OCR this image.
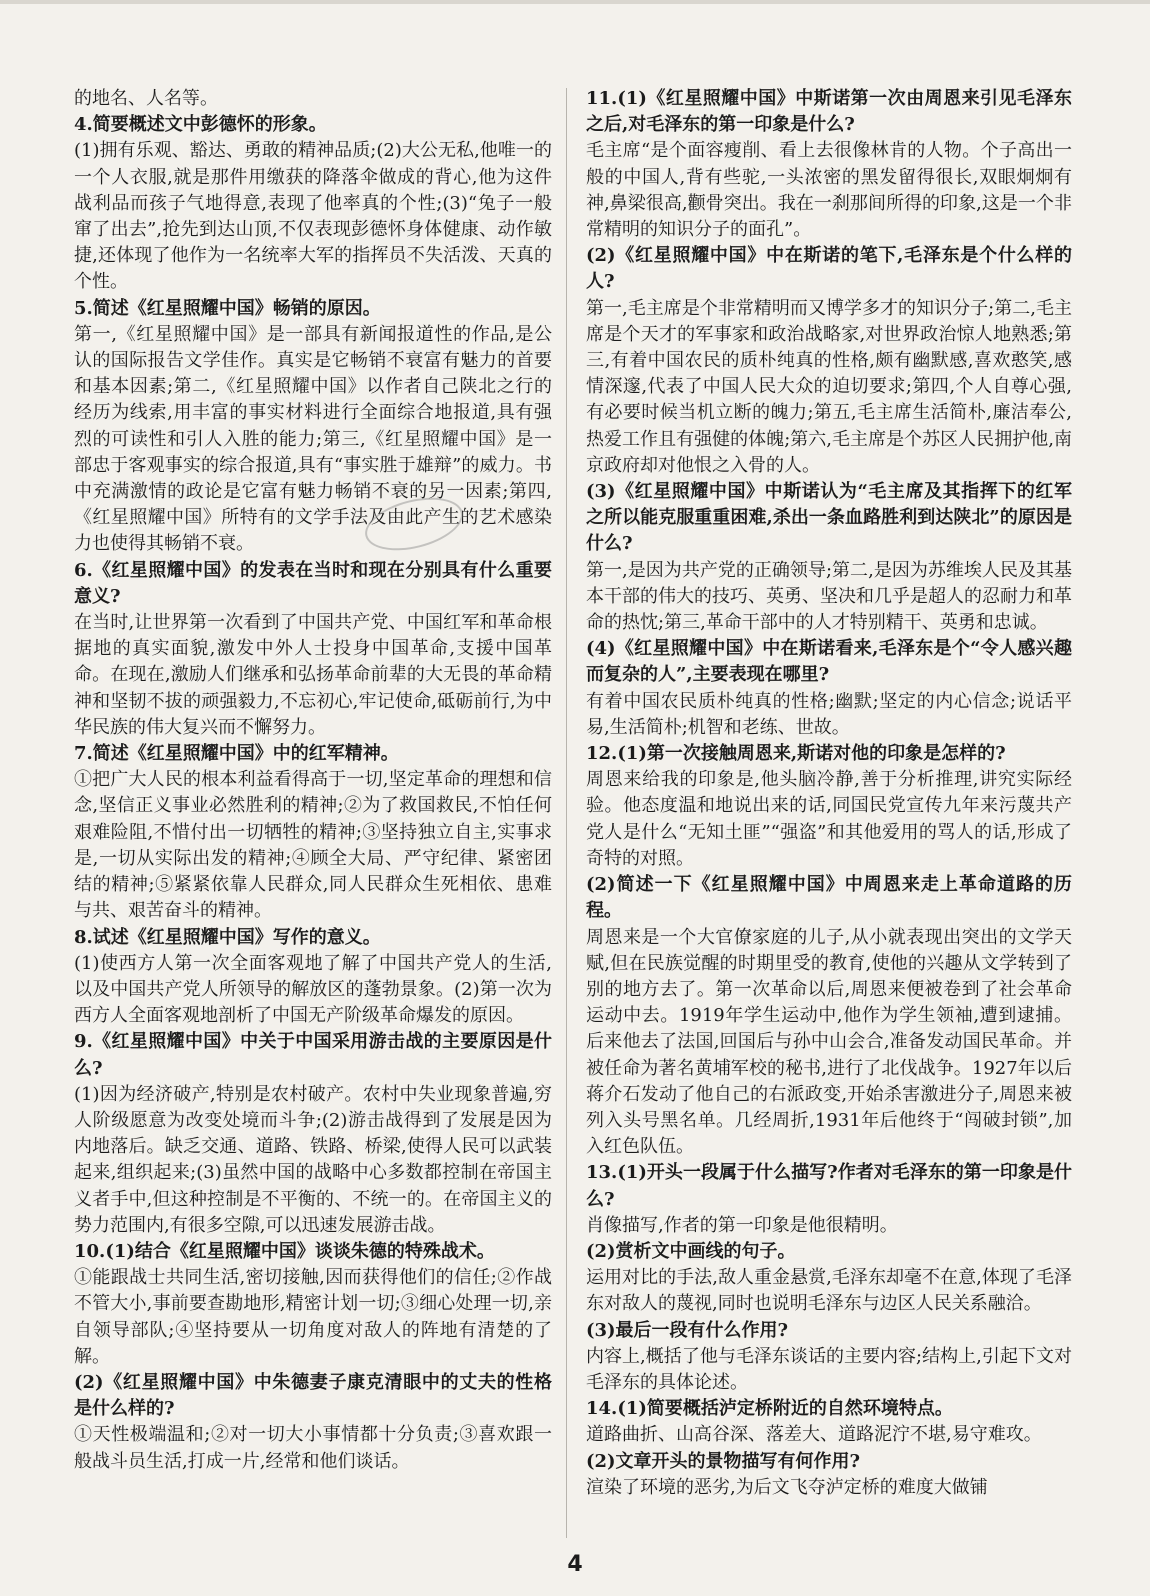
的地名、人名等。

4.简要概述文中彭德怀的形象。

(1)拥有乐观、豁达、勇敢的精神品质;(2)大公无私,他唯一的一个人衣服,就是那件用缴获的降落伞做成的背心,他为这件战利品而孩子气地得意,表现了他率真的个性;(3)“兔子一般窜了出去”,抢先到达山顶,不仅表现彭德怀身体健康、动作敏捷,还体现了他作为一名统率大军的指挥员不失活泼、天真的个性。

5.简述《红星照耀中国》畅销的原因。

第一,《红星照耀中国》是一部具有新闻报道性的作品,是公认的国际报告文学佳作。真实是它畅销不衰富有魅力的首要和基本因素;第二,《红星照耀中国》以作者自己陕北之行的经历为线索,用丰富的事实材料进行全面综合地报道,具有强烈的可读性和引人入胜的能力;第三,《红星照耀中国》是一部忠于客观事实的综合报道,具有“事实胜于雄辩”的威力。书中充满激情的政论是它富有魅力畅销不衰的另一因素;第四,《红星照耀中国》所特有的文学手法及由此产生的艺术感染力也使得其畅销不衰。

6.《红星照耀中国》的发表在当时和现在分别具有什么重要意义?

在当时,让世界第一次看到了中国共产党、中国红军和革命根据地的真实面貌,激发中外人士投身中国革命,支援中国革命。在现在,激励人们继承和弘扬革命前辈的大无畏的革命精神和坚韧不拔的顽强毅力,不忘初心,牢记使命,砥砺前行,为中华民族的伟大复兴而不懈努力。

7.简述《红星照耀中国》中的红军精神。

①把广大人民的根本利益看得高于一切,坚定革命的理想和信念,坚信正义事业必然胜利的精神;②为了救国救民,不怕任何艰难险阻,不惜付出一切牺牲的精神;③坚持独立自主,实事求是,一切从实际出发的精神;④顾全大局、严守纪律、紧密团结的精神;⑤紧紧依靠人民群众,同人民群众生死相依、患难与共、艰苦奋斗的精神。

8.试述《红星照耀中国》写作的意义。

(1)使西方人第一次全面客观地了解了中国共产党人的生活,以及中国共产党人所领导的解放区的蓬勃景象。(2)第一次为西方人全面客观地剖析了中国无产阶级革命爆发的原因。

9.《红星照耀中国》中关于中国采用游击战的主要原因是什么?

(1)因为经济破产,特别是农村破产。农村中失业现象普遍,穷人阶级愿意为改变处境而斗争;(2)游击战得到了发展是因为内地落后。缺乏交通、道路、铁路、桥梁,使得人民可以武装起来,组织起来;(3)虽然中国的战略中心多数都控制在帝国主义者手中,但这种控制是不平衡的、不统一的。在帝国主义的势力范围内,有很多空隙,可以迅速发展游击战。

10.(1)结合《红星照耀中国》谈谈朱德的特殊战术。

①能跟战士共同生活,密切接触,因而获得他们的信任;②作战不管大小,事前要查勘地形,精密计划一切;③细心处理一切,亲自领导部队;④坚持要从一切角度对敌人的阵地有清楚的了解。

(2)《红星照耀中国》中朱德妻子康克清眼中的丈夫的性格是什么样的?

①天性极端温和;②对一切大小事情都十分负责;③喜欢跟一般战斗员生活,打成一片,经常和他们谈话。

11.(1)《红星照耀中国》中斯诺第一次由周恩来引见毛泽东之后,对毛泽东的第一印象是什么?

毛主席“是个面容瘦削、看上去很像林肯的人物。个子高出一般的中国人,背有些驼,一头浓密的黑发留得很长,双眼炯炯有神,鼻梁很高,颧骨突出。我在一刹那间所得的印象,这是一个非常精明的知识分子的面孔”。

(2)《红星照耀中国》中在斯诺的笔下,毛泽东是个什么样的人?

第一,毛主席是个非常精明而又博学多才的知识分子;第二,毛主席是个天才的军事家和政治战略家,对世界政治惊人地熟悉;第三,有着中国农民的质朴纯真的性格,颇有幽默感,喜欢憨笑,感情深邃,代表了中国人民大众的迫切要求;第四,个人自尊心强,有必要时候当机立断的魄力;第五,毛主席生活简朴,廉洁奉公,热爱工作且有强健的体魄;第六,毛主席是个苏区人民拥护他,南京政府却对他恨之入骨的人。

(3)《红星照耀中国》中斯诺认为“毛主席及其指挥下的红军之所以能克服重重困难,杀出一条血路胜利到达陕北”的原因是什么?

第一,是因为共产党的正确领导;第二,是因为苏维埃人民及其基本干部的伟大的技巧、英勇、坚决和几乎是超人的忍耐力和革命的热忱;第三,革命干部中的人才特别精干、英勇和忠诚。

(4)《红星照耀中国》中在斯诺看来,毛泽东是个“令人感兴趣而复杂的人”,主要表现在哪里?

有着中国农民质朴纯真的性格;幽默;坚定的内心信念;说话平易,生活简朴;机智和老练、世故。

12.(1)第一次接触周恩来,斯诺对他的印象是怎样的?

周恩来给我的印象是,他头脑冷静,善于分析推理,讲究实际经验。他态度温和地说出来的话,同国民党宣传九年来污蔑共产党人是什么“无知土匪”“强盗”和其他爱用的骂人的话,形成了奇特的对照。

(2)简述一下《红星照耀中国》中周恩来走上革命道路的历程。

周恩来是一个大官僚家庭的儿子,从小就表现出突出的文学天赋,但在民族觉醒的时期里受的教育,使他的兴趣从文学转到了别的地方去了。第一次革命以后,周恩来便被卷到了社会革命运动中去。1919年学生运动中,他作为学生领袖,遭到逮捕。后来他去了法国,回国后与孙中山会合,准备发动国民革命。并被任命为著名黄埔军校的秘书,进行了北伐战争。1927年以后蒋介石发动了他自己的右派政变,开始杀害激进分子,周恩来被列入头号黑名单。几经周折,1931年后他终于“闯破封锁”,加入红色队伍。

13.(1)开头一段属于什么描写?作者对毛泽东的第一印象是什么?

肖像描写,作者的第一印象是他很精明。

(2)赏析文中画线的句子。

运用对比的手法,敌人重金悬赏,毛泽东却毫不在意,体现了毛泽东对敌人的蔑视,同时也说明毛泽东与边区人民关系融洽。

(3)最后一段有什么作用?

内容上,概括了他与毛泽东谈话的主要内容;结构上,引起下文对毛泽东的具体论述。

14.(1)简要概括泸定桥附近的自然环境特点。

道路曲折、山高谷深、落差大、道路泥泞不堪,易守难攻。

(2)文章开头的景物描写有何作用?

渲染了环境的恶劣,为后文飞夺泸定桥的难度大做铺

4
